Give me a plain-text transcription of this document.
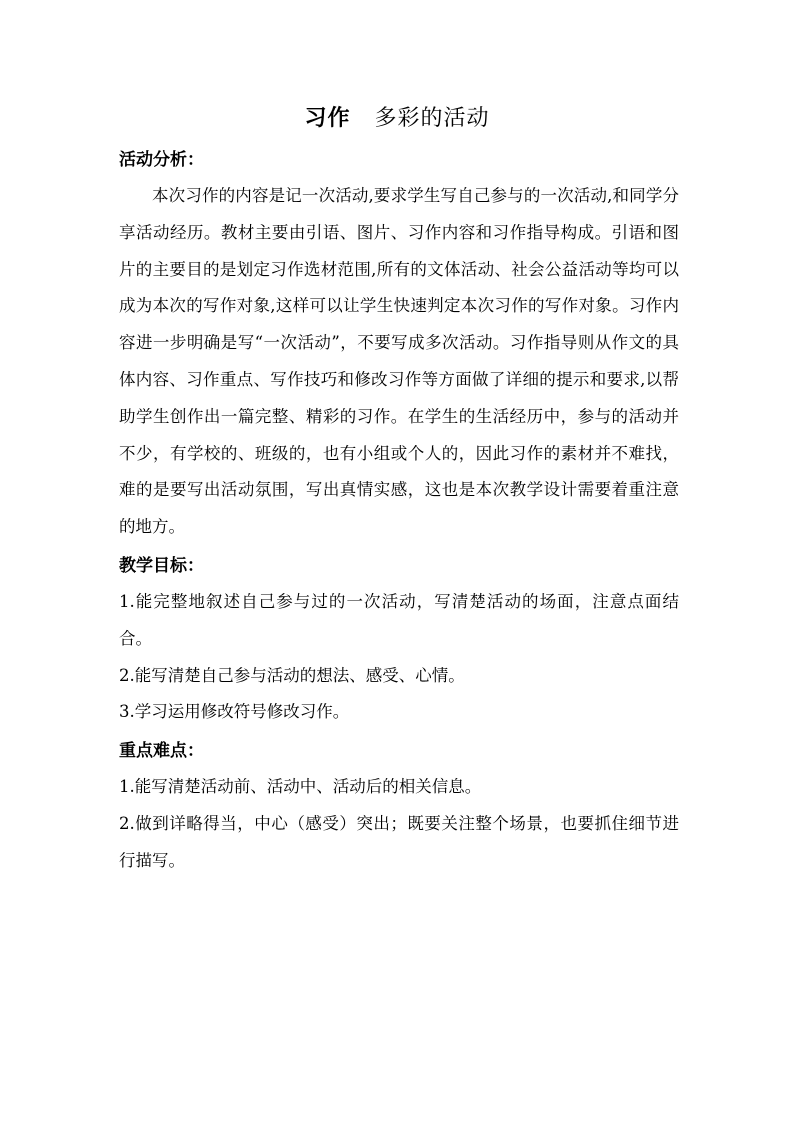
习作 多彩的活动
活动分析：

本次习作的内容是记一次活动,要求学生写自己参与的一次活动,和同学分享活动经历。教材主要由引语、图片、习作内容和习作指导构成。引语和图片的主要目的是划定习作选材范围,所有的文体活动、社会公益活动等均可以成为本次的写作对象,这样可以让学生快速判定本次习作的写作对象。习作内容进一步明确是写“一次活动”，不要写成多次活动。习作指导则从作文的具体内容、习作重点、写作技巧和修改习作等方面做了详细的提示和要求,以帮助学生创作出一篇完整、精彩的习作。在学生的生活经历中，参与的活动并不少，有学校的、班级的，也有小组或个人的，因此习作的素材并不难找，难的是要写出活动氛围，写出真情实感，这也是本次教学设计需要着重注意的地方。

教学目标：
1.能完整地叙述自己参与过的一次活动，写清楚活动的场面，注意点面结合。
2.能写清楚自己参与活动的想法、感受、心情。
3.学习运用修改符号修改习作。
重点难点：
1.能写清楚活动前、活动中、活动后的相关信息。
2.做到详略得当，中心（感受）突出；既要关注整个场景，也要抓住细节进行描写。
